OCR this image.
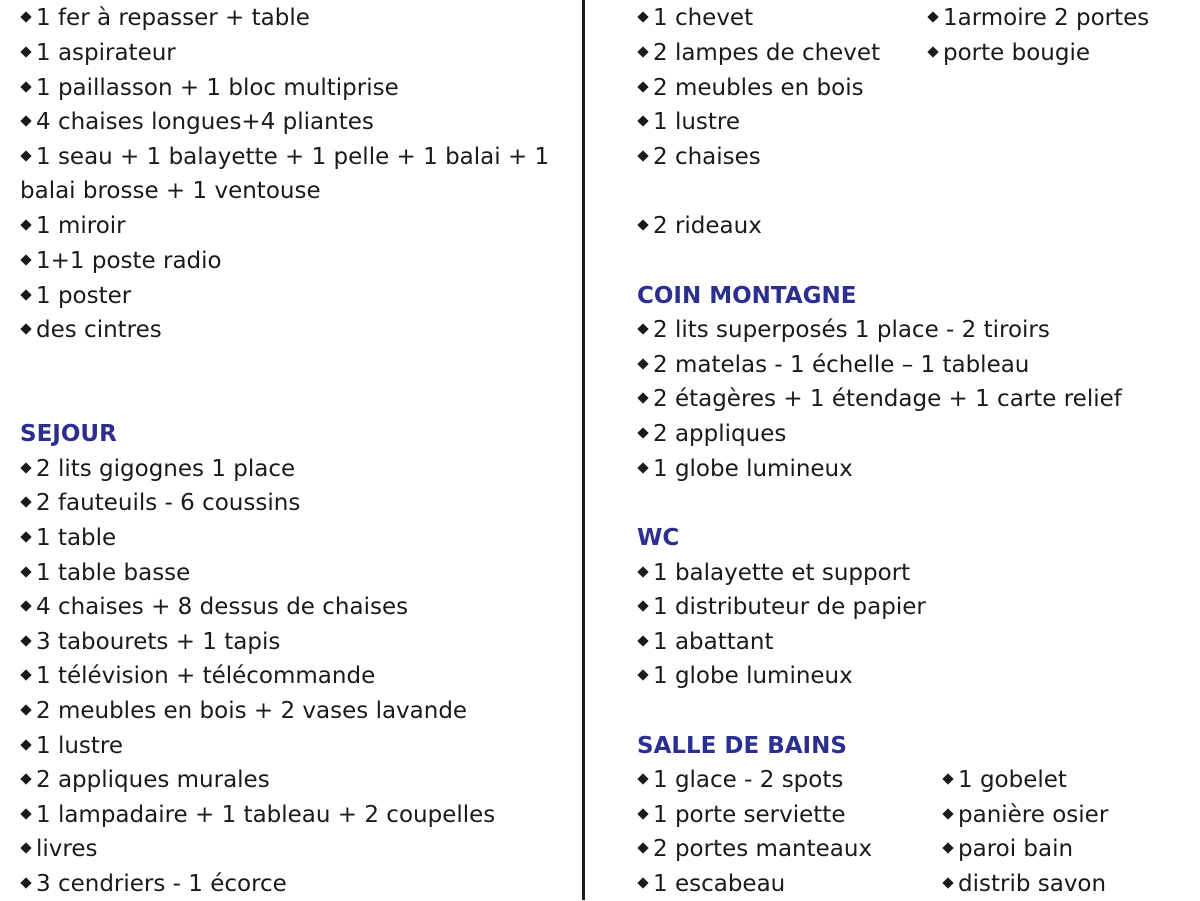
1 fer à repasser + table
1 aspirateur
1 paillasson + 1 bloc multiprise
4 chaises longues+4 pliantes
1 seau + 1 balayette + 1 pelle + 1 balai + 1 balai brosse + 1 ventouse
1 miroir
1+1 poste radio
1 poster
des cintres
SEJOUR
2 lits gigognes 1 place
2 fauteuils - 6 coussins
1 table
1 table basse
4 chaises + 8 dessus de chaises
3 tabourets + 1 tapis
1 télévision + télécommande
2 meubles en bois + 2 vases lavande
1 lustre
2 appliques murales
1 lampadaire + 1 tableau + 2 coupelles
livres
3 cendriers - 1 écorce
1 chevet	1armoire 2 portes
2 lampes de chevet	porte bougie
2 meubles en bois
1 lustre
2 chaises
2 rideaux
COIN MONTAGNE
2 lits superposés 1 place - 2 tiroirs
2 matelas - 1 échelle – 1 tableau
2 étagères + 1 étendage + 1 carte relief
2 appliques
1 globe lumineux
WC
1 balayette et support
1 distributeur de papier
1 abattant
1 globe lumineux
SALLE DE BAINS
1 glace - 2 spots	1 gobelet
1 porte serviette	panière osier
2 portes manteaux	paroi bain
1 escabeau	distrib savon
